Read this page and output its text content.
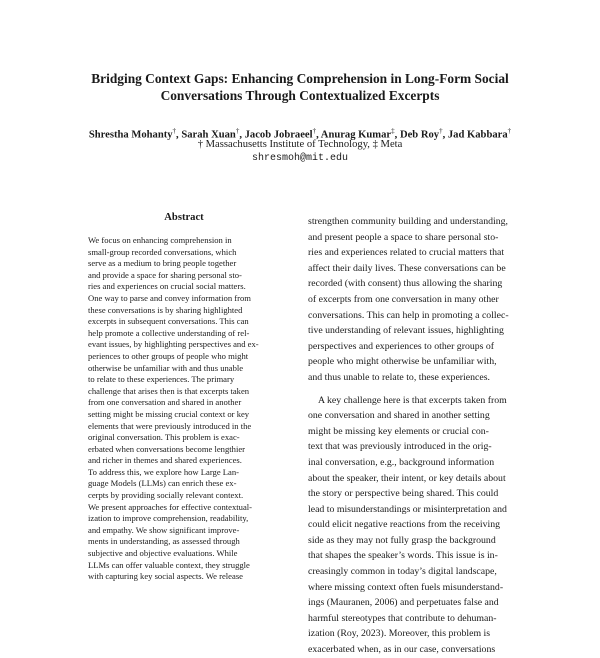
Bridging Context Gaps: Enhancing Comprehension in Long-Form Social
Conversations Through Contextualized Excerpts
Shrestha Mohanty†, Sarah Xuan†, Jacob Jobraeel†, Anurag Kumar‡, Deb Roy†, Jad Kabbara†
† Massachusetts Institute of Technology, ‡ Meta
shresmoh@mit.edu
Abstract
We focus on enhancing comprehension in
small-group recorded conversations, which
serve as a medium to bring people together
and provide a space for sharing personal sto-
ries and experiences on crucial social matters.
One way to parse and convey information from
these conversations is by sharing highlighted
excerpts in subsequent conversations. This can
help promote a collective understanding of rel-
evant issues, by highlighting perspectives and ex-
periences to other groups of people who might
otherwise be unfamiliar with and thus unable
to relate to these experiences. The primary
challenge that arises then is that excerpts taken
from one conversation and shared in another
setting might be missing crucial context or key
elements that were previously introduced in the
original conversation. This problem is exac-
erbated when conversations become lengthier
and richer in themes and shared experiences.
To address this, we explore how Large Lan-
guage Models (LLMs) can enrich these ex-
cerpts by providing socially relevant context.
We present approaches for effective contextual-
ization to improve comprehension, readability,
and empathy. We show significant improve-
ments in understanding, as assessed through
subjective and objective evaluations. While
LLMs can offer valuable context, they struggle
with capturing key social aspects. We release
strengthen community building and understanding,
and present people a space to share personal sto-
ries and experiences related to crucial matters that
affect their daily lives. These conversations can be
recorded (with consent) thus allowing the sharing
of excerpts from one conversation in many other
conversations. This can help in promoting a collec-
tive understanding of relevant issues, highlighting
perspectives and experiences to other groups of
people who might otherwise be unfamiliar with,
and thus unable to relate to, these experiences.
A key challenge here is that excerpts taken from
one conversation and shared in another setting
might be missing key elements or crucial con-
text that was previously introduced in the orig-
inal conversation, e.g., background information
about the speaker, their intent, or key details about
the story or perspective being shared. This could
lead to misunderstandings or misinterpretation and
could elicit negative reactions from the receiving
side as they may not fully grasp the background
that shapes the speaker’s words. This issue is in-
creasingly common in today’s digital landscape,
where missing context often fuels misunderstand-
ings (Mauranen, 2006) and perpetuates false and
harmful stereotypes that contribute to dehuman-
ization (Roy, 2023). Moreover, this problem is
exacerbated when, as in our case, conversations
